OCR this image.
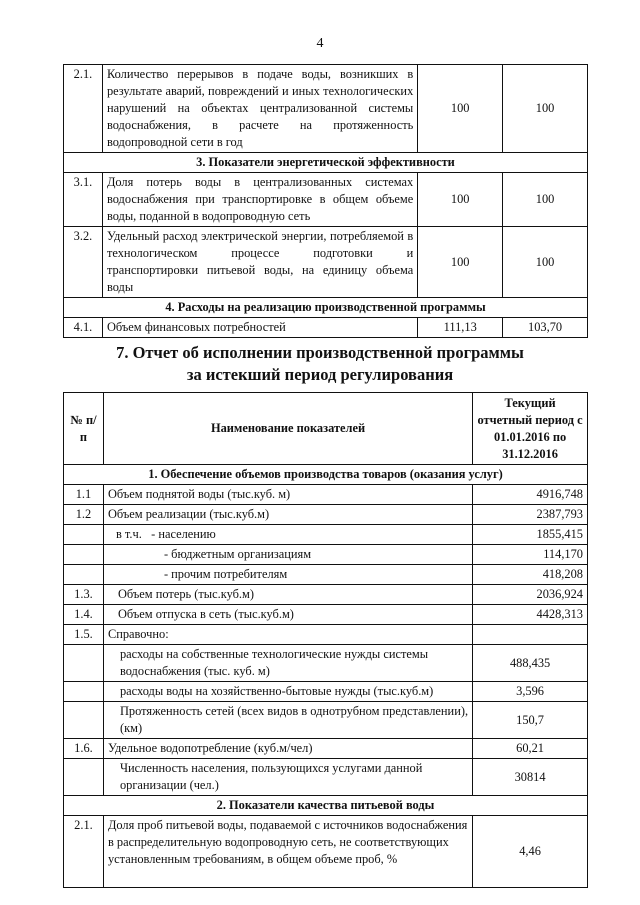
4
2.1.	Количество перерывов в подаче воды, возникших в результате аварий, повреждений и иных технологических нарушений на объектах централизованной системы водоснабжения, в расчете на протяженность водопроводной сети в год	100	100
3. Показатели энергетической эффективности			
3.1.	Доля потерь воды в централизованных системах водоснабжения при транспортировке в общем объеме воды, поданной в водопроводную сеть	100	100
3.2.	Удельный расход электрической энергии, потребляемой в технологическом процессе подготовки и транспортировки питьевой воды, на единицу объема воды	100	100
4. Расходы на реализацию производственной программы			
4.1.	Объем финансовых потребностей	111,13	103,70
7. Отчет об исполнении производственной программы
за истекший период регулирования
№ п/п	Наименование показателей	Текущий отчетный период с 01.01.2016 по 31.12.2016
1. Обеспечение объемов производства товаров (оказания услуг)		
1.1	Объем поднятой воды (тыс.куб. м)	4916,748
1.2	Объем реализации (тыс.куб.м)	2387,793
	в т.ч.   - населению	1855,415
	- бюджетным организациям	114,170
	- прочим потребителям	418,208
1.3.	Объем потерь (тыс.куб.м)	2036,924
1.4.	Объем отпуска в сеть (тыс.куб.м)	4428,313
1.5.	Справочно:	
	расходы на собственные технологические нужды системы водоснабжения (тыс. куб. м)	488,435
	расходы воды на хозяйственно-бытовые нужды (тыс.куб.м)	3,596
	Протяженность сетей (всех видов в однотрубном представлении), (км)	150,7
1.6.	Удельное водопотребление (куб.м/чел)	60,21
	Численность населения, пользующихся услугами данной организации (чел.)	30814
2. Показатели качества питьевой воды		
2.1.	Доля проб питьевой воды, подаваемой с источников водоснабжения в распределительную водопроводную сеть, не соответствующих установленным требованиям, в общем объеме проб, %	4,46
